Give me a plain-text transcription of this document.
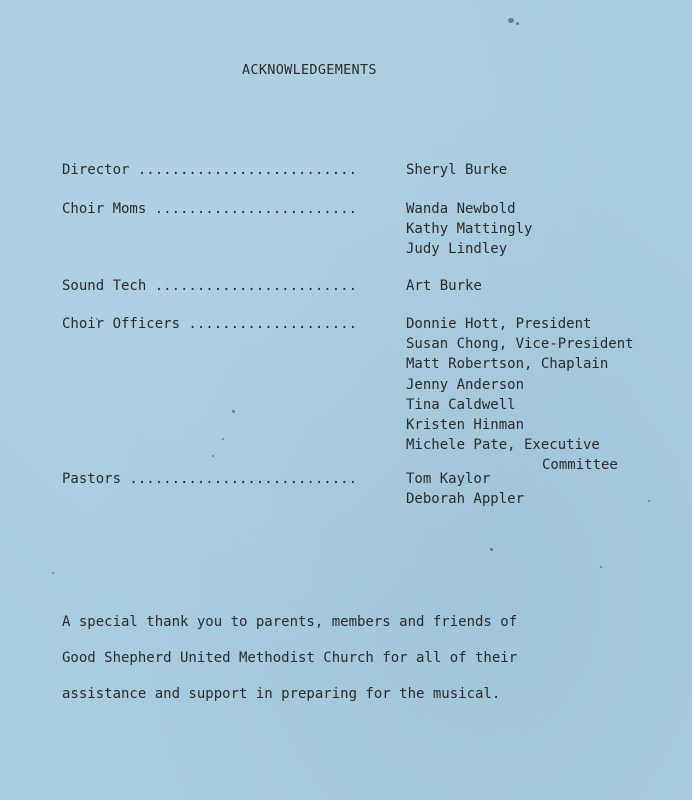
ACKNOWLEDGEMENTS
Director ..........................	Sheryl Burke
Choir Moms ........................	Wanda Newbold
Kathy Mattingly
Judy Lindley
Sound Tech ........................	Art Burke
Choir Officers ....................	Donnie Hott, President
Susan Chong, Vice-President
Matt Robertson, Chaplain
Jenny Anderson
Tina Caldwell
Kristen Hinman
Michele Pate, Executive
Committee
Pastors ...........................	Tom Kaylor
Deborah Appler
A special thank you to parents, members and friends of
Good Shepherd United Methodist Church for all of their
assistance and support in preparing for the musical.
